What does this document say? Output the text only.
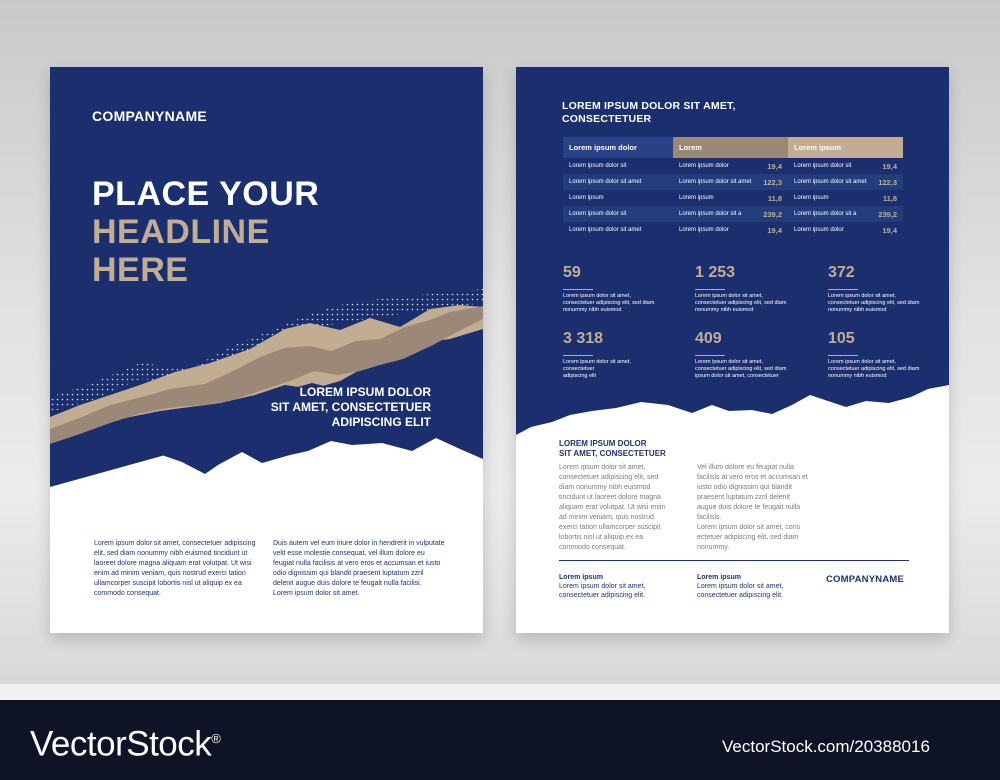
COMPANYNAME
PLACE YOUR
HEADLINE
HERE
LOREM IPSUM DOLOR
SIT AMET, CONSECTETUER
ADIPISCING ELIT
Lorem ipsum dolor sit amet, consectetuer adipiscing
elit, sed diam nonummy nibh euismod tincidunt ut
laoreet dolore magna aliquam erat volutpat. Ut wisi
enim ad minim veniam, quis nostrud exerci tation
ullamcorper suscipit lobortis nisl ut aliquip ex ea
commodo consequat.
Duis autem vel eum iriure dolor in hendrerit in vulputate
velit esse molestie consequat, vel illum dolore eu
feugiat nulla facilisis at vero eros et accumsan et iusto
odio dignissim qui blandit praesent luptatum zzril
delenit augue duis dolore te feugait nulla facilisi.
Lorem ipsum dolor sit amet.
LOREM IPSUM DOLOR SIT AMET,
CONSECTETUER
Lorem ipsum dolor	Lorem		Lorem ipsum	
Lorem ipsum dolor sit	Lorem ipsum dolor	19,4	Lorem ipsum dolor sit	19,4
Lorem ipsum dolor sit amet	Lorem ipsum dolor sit amet	122,3	Lorem ipsum dolor sit amet	122,3
Lorem ipsum	Lorem ipsum	11,8	Lorem ipsum	11,8
Lorem ipsum dolor sit	Lorem ipsum dolor sit a	239,2	Lorem ipsum dolor sit a	239,2
Lorem ipsum dolor sit amet	Lorem ipsum dolor	19,4	Lorem ipsum dolor	19,4
59
Lorem ipsum dolor sit amet,
consectetuer adipiscing elit, sed diam
nonummy nibh euismod
1 253
Lorem ipsum dolor sit amet,
consectetuer adipiscing elit, sed diam
nonummy nibh euismod
372
Lorem ipsum dolor sit amet,
consectetuer adipiscing elit, sed diam
nonummy nibh euismod
3 318
Lorem ipsum dolor sit amet, consectetuer
adipiscing elit
409
Lorem ipsum dolor sit amet,
consectetuer adipiscing elit, sed diam
ipsum dolor sit amet, consectetuer
105
Lorem ipsum dolor sit amet,
consectetuer adipiscing elit, sed diam
nonummy nibh euismod
LOREM IPSUM DOLOR
SIT AMET, CONSECTETUER
Lorem ipsum dolor sit amet,
consectetuer adipiscing elit, sed
diam nonummy nibh euismod
tincidunt ut laoreet dolore magna
aliquam erat volutpat. Ut wisi enim
ad minim veniam, quis nostrud
exerci tation ullamcorper suscipit
lobortis nisl ut aliquip ex ea
commodo consequat.
Vel illum dolore eu feugiat nulla
facilisis at vero eros et accumsan et
iusto odio dignissim qui blandit
praesent luptatum zzril delenit
augue duis dolore te feugait nulla
facilisis.
Lorem ipsum dolor sit amet, cons
ectetuer adipiscing elit, sed diam
nonummy.
Lorem ipsum
Lorem ipsum dolor sit amet,
consectetuer adipiscing elit.
Lorem ipsum
Lorem ipsum dolor sit amet,
consectetuer adipiscing elit.
COMPANYNAME
VectorStock®	VectorStock.com/20388016
